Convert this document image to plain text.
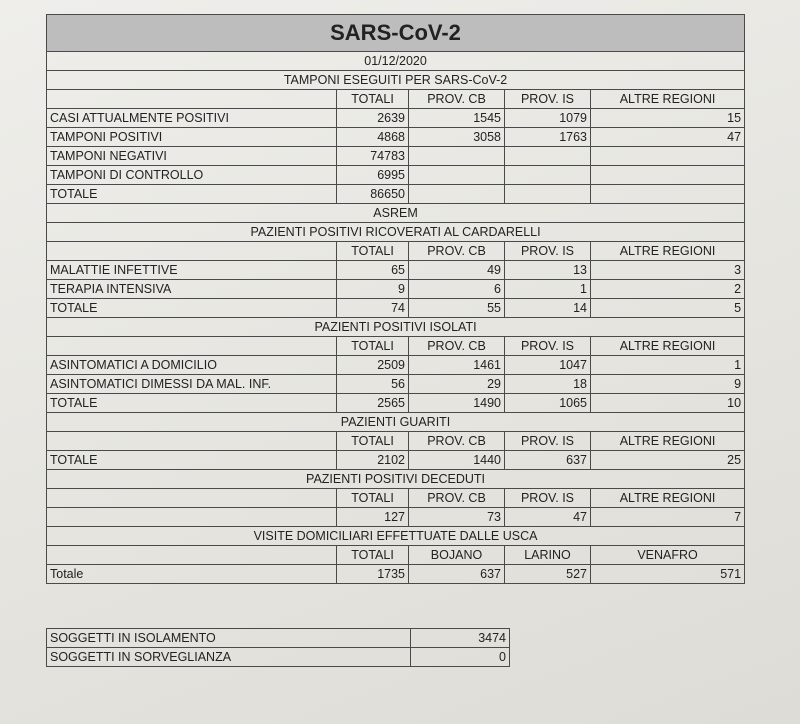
SARS-CoV-2				
01/12/2020				
TAMPONI ESEGUITI PER SARS-CoV-2				
	TOTALI	PROV. CB	PROV. IS	ALTRE REGIONI
CASI ATTUALMENTE POSITIVI	2639	1545	1079	15
TAMPONI POSITIVI	4868	3058	1763	47
TAMPONI NEGATIVI	74783			
TAMPONI DI CONTROLLO	6995			
TOTALE	86650			
ASREM				
PAZIENTI POSITIVI RICOVERATI AL CARDARELLI				
	TOTALI	PROV. CB	PROV. IS	ALTRE REGIONI
MALATTIE INFETTIVE	65	49	13	3
TERAPIA INTENSIVA	9	6	1	2
TOTALE	74	55	14	5
PAZIENTI POSITIVI ISOLATI				
	TOTALI	PROV. CB	PROV. IS	ALTRE REGIONI
ASINTOMATICI A DOMICILIO	2509	1461	1047	1
ASINTOMATICI DIMESSI DA MAL. INF.	56	29	18	9
TOTALE	2565	1490	1065	10
PAZIENTI GUARITI				
	TOTALI	PROV. CB	PROV. IS	ALTRE REGIONI
TOTALE	2102	1440	637	25
PAZIENTI POSITIVI DECEDUTI				
	TOTALI	PROV. CB	PROV. IS	ALTRE REGIONI
	127	73	47	7
VISITE DOMICILIARI EFFETTUATE DALLE USCA				
	TOTALI	BOJANO	LARINO	VENAFRO
Totale	1735	637	527	571
SOGGETTI IN ISOLAMENTO	3474
SOGGETTI IN SORVEGLIANZA	0
